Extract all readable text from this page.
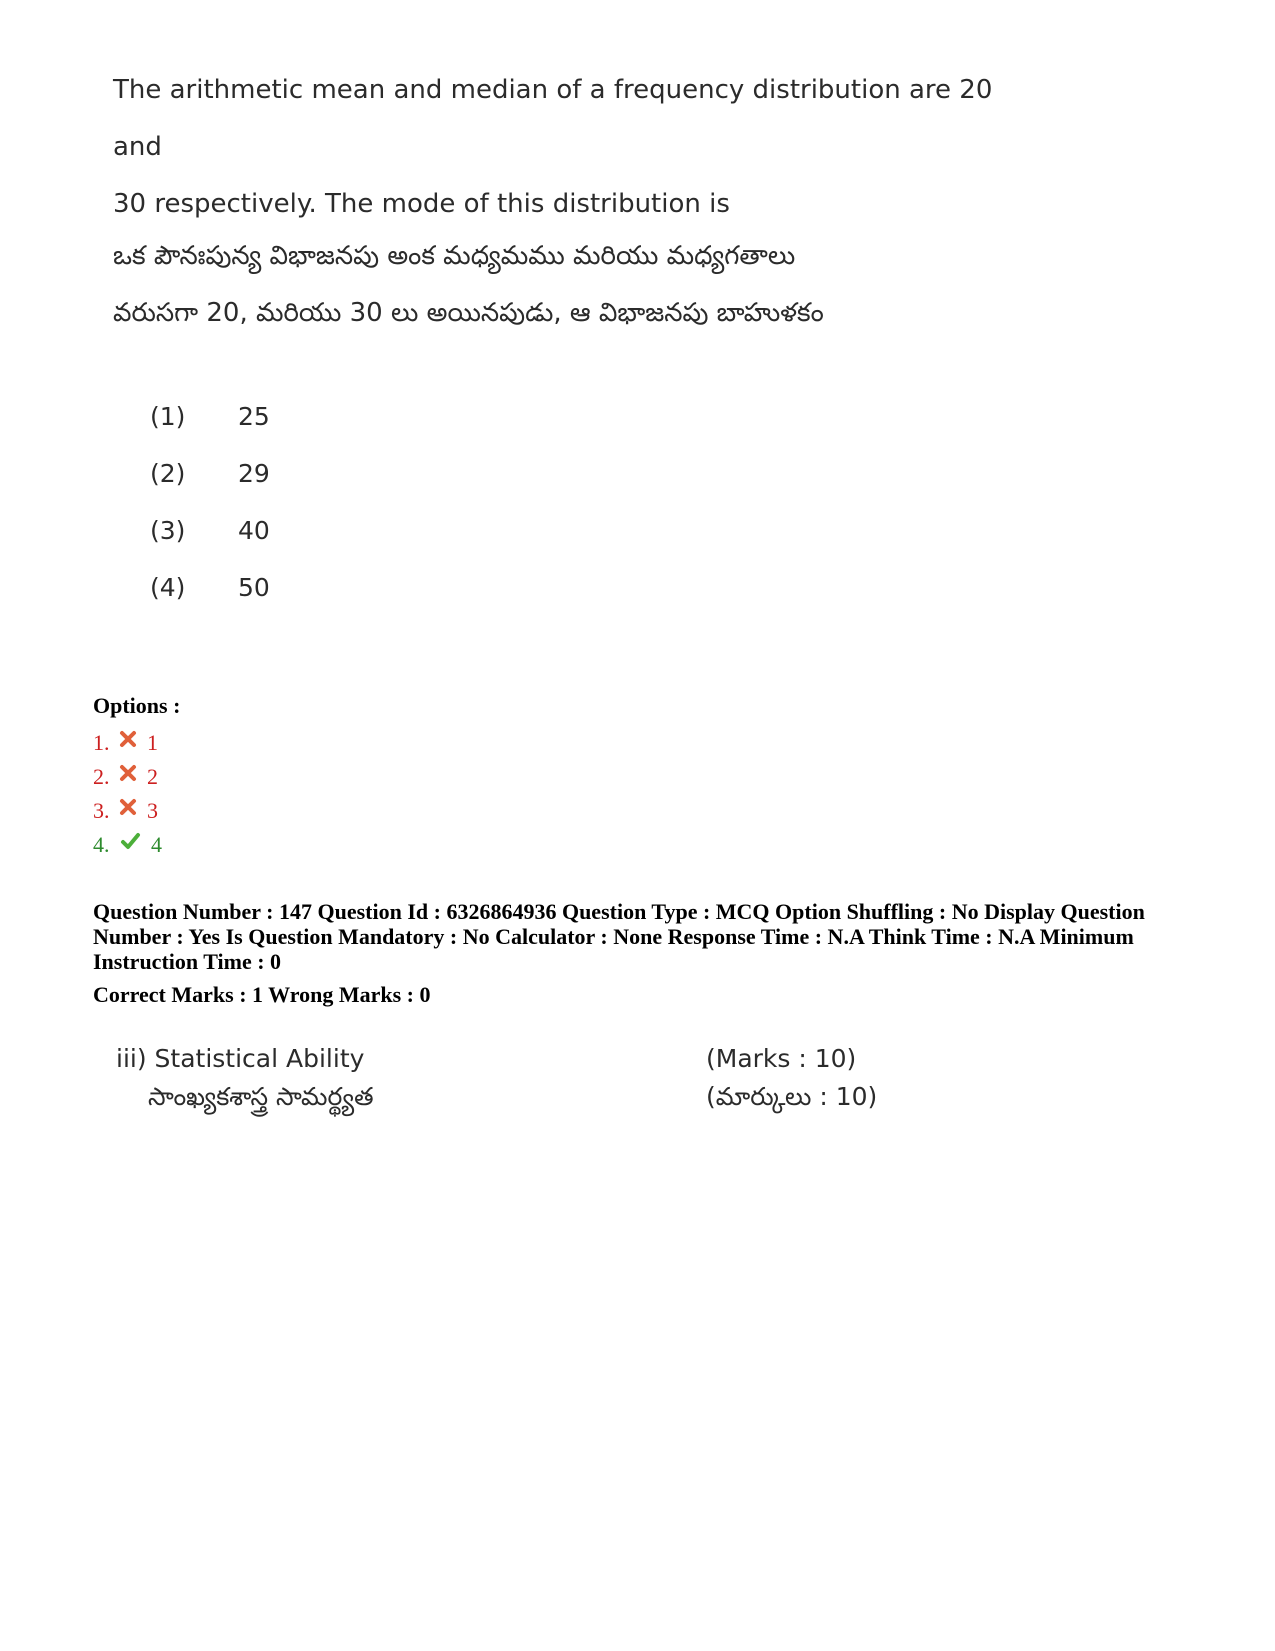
The arithmetic mean and median of a frequency distribution are 20 and
30 respectively. The mode of this distribution is
ఒక పౌనఃపున్య విభాజనపు అంక మధ్యమము మరియు మధ్యగతాలు
వరుసగా 20, మరియు 30 లు అయినపుడు, ఆ విభాజనపు బాహుళకం
(1)	25
(2)	29
(3)	40
(4)	50
Options :
1.	1
2.	2
3.	3
4.	4
Question Number : 147 Question Id : 6326864936 Question Type : MCQ Option Shuffling : No Display Question Number : Yes Is Question Mandatory : No Calculator : None Response Time : N.A Think Time : N.A Minimum Instruction Time : 0
Correct Marks : 1 Wrong Marks : 0
iii) Statistical Ability	(Marks : 10)
సాంఖ్యకశాస్త్ర సామర్థ్యత	(మార్కులు : 10)
